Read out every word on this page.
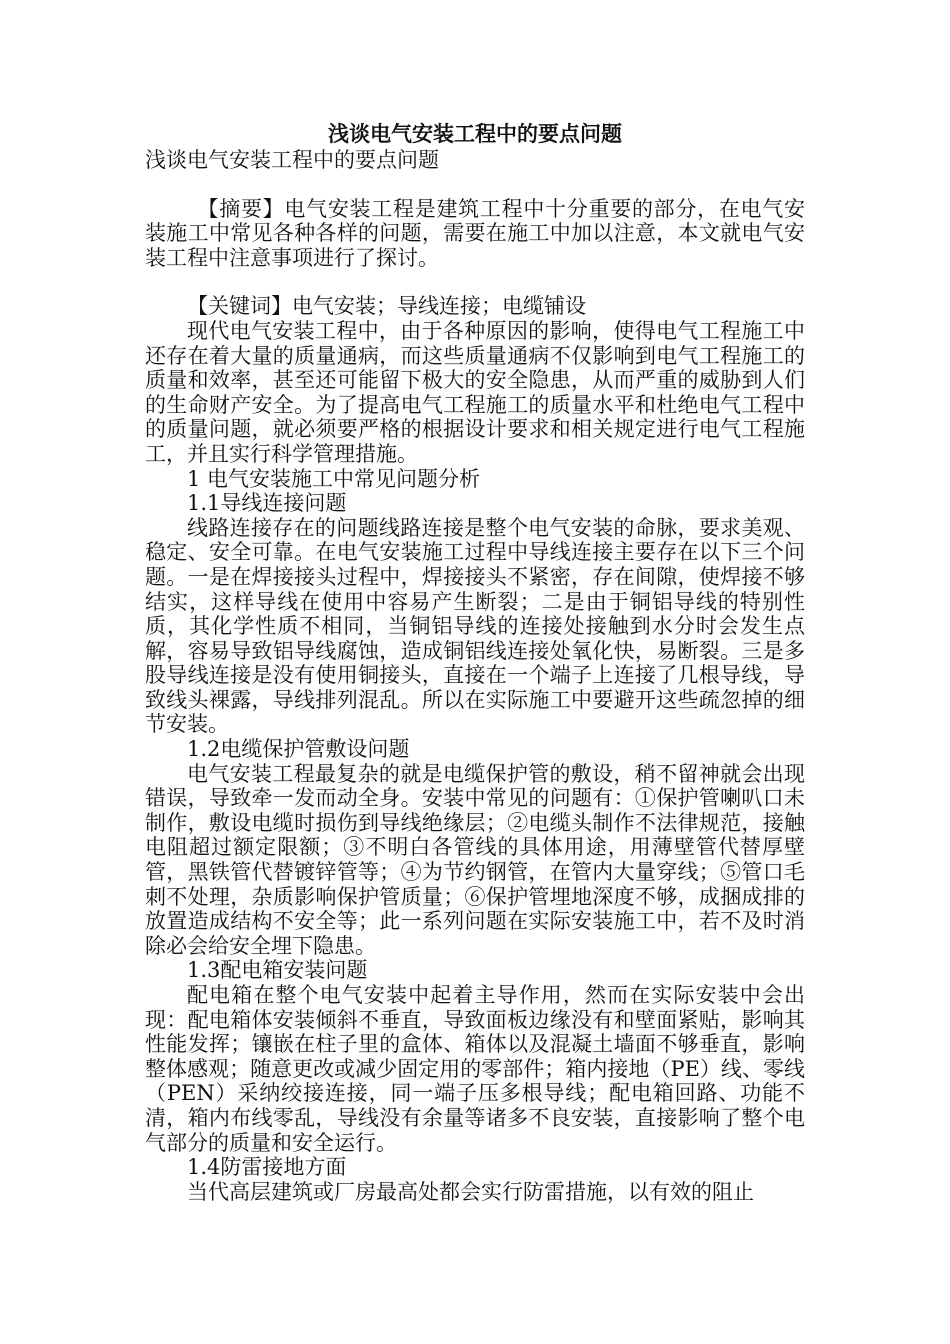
浅谈电气安装工程中的要点问题

浅谈电气安装工程中的要点问题

【摘要】电气安装工程是建筑工程中十分重要的部分，在电气安装施工中常见各种各样的问题，需要在施工中加以注意，本文就电气安装工程中注意事项进行了探讨。

【关键词】电气安装；导线连接；电缆铺设

现代电气安装工程中，由于各种原因的影响，使得电气工程施工中还存在着大量的质量通病，而这些质量通病不仅影响到电气工程施工的质量和效率，甚至还可能留下极大的安全隐患，从而严重的威胁到人们的生命财产安全。为了提高电气工程施工的质量水平和杜绝电气工程中的质量问题，就必须要严格的根据设计要求和相关规定进行电气工程施工，并且实行科学管理措施。

1 电气安装施工中常见问题分析

1.1导线连接问题

线路连接存在的问题线路连接是整个电气安装的命脉，要求美观、稳定、安全可靠。在电气安装施工过程中导线连接主要存在以下三个问题。一是在焊接接头过程中，焊接接头不紧密，存在间隙，使焊接不够结实，这样导线在使用中容易产生断裂；二是由于铜铝导线的特别性质，其化学性质不相同，当铜铝导线的连接处接触到水分时会发生点解，容易导致铝导线腐蚀，造成铜铝线连接处氧化快，易断裂。三是多股导线连接是没有使用铜接头，直接在一个端子上连接了几根导线，导致线头裸露，导线排列混乱。所以在实际施工中要避开这些疏忽掉的细节安装。

1.2电缆保护管敷设问题

电气安装工程最复杂的就是电缆保护管的敷设，稍不留神就会出现错误，导致牵一发而动全身。安装中常见的问题有：①保护管喇叭口未制作，敷设电缆时损伤到导线绝缘层；②电缆头制作不法律规范，接触电阻超过额定限额；③不明白各管线的具体用途，用薄壁管代替厚壁管，黑铁管代替镀锌管等；④为节约钢管，在管内大量穿线；⑤管口毛刺不处理，杂质影响保护管质量；⑥保护管埋地深度不够，成捆成排的放置造成结构不安全等；此一系列问题在实际安装施工中，若不及时消除必会给安全埋下隐患。

1.3配电箱安装问题

配电箱在整个电气安装中起着主导作用，然而在实际安装中会出现：配电箱体安装倾斜不垂直，导致面板边缘没有和壁面紧贴，影响其性能发挥；镶嵌在柱子里的盒体、箱体以及混凝土墙面不够垂直，影响整体感观；随意更改或减少固定用的零部件；箱内接地（PE）线、零线（PEN）采纳绞接连接，同一端子压多根导线；配电箱回路、功能不清，箱内布线零乱，导线没有余量等诸多不良安装，直接影响了整个电气部分的质量和安全运行。

1.4防雷接地方面

当代高层建筑或厂房最高处都会实行防雷措施，以有效的阻止
